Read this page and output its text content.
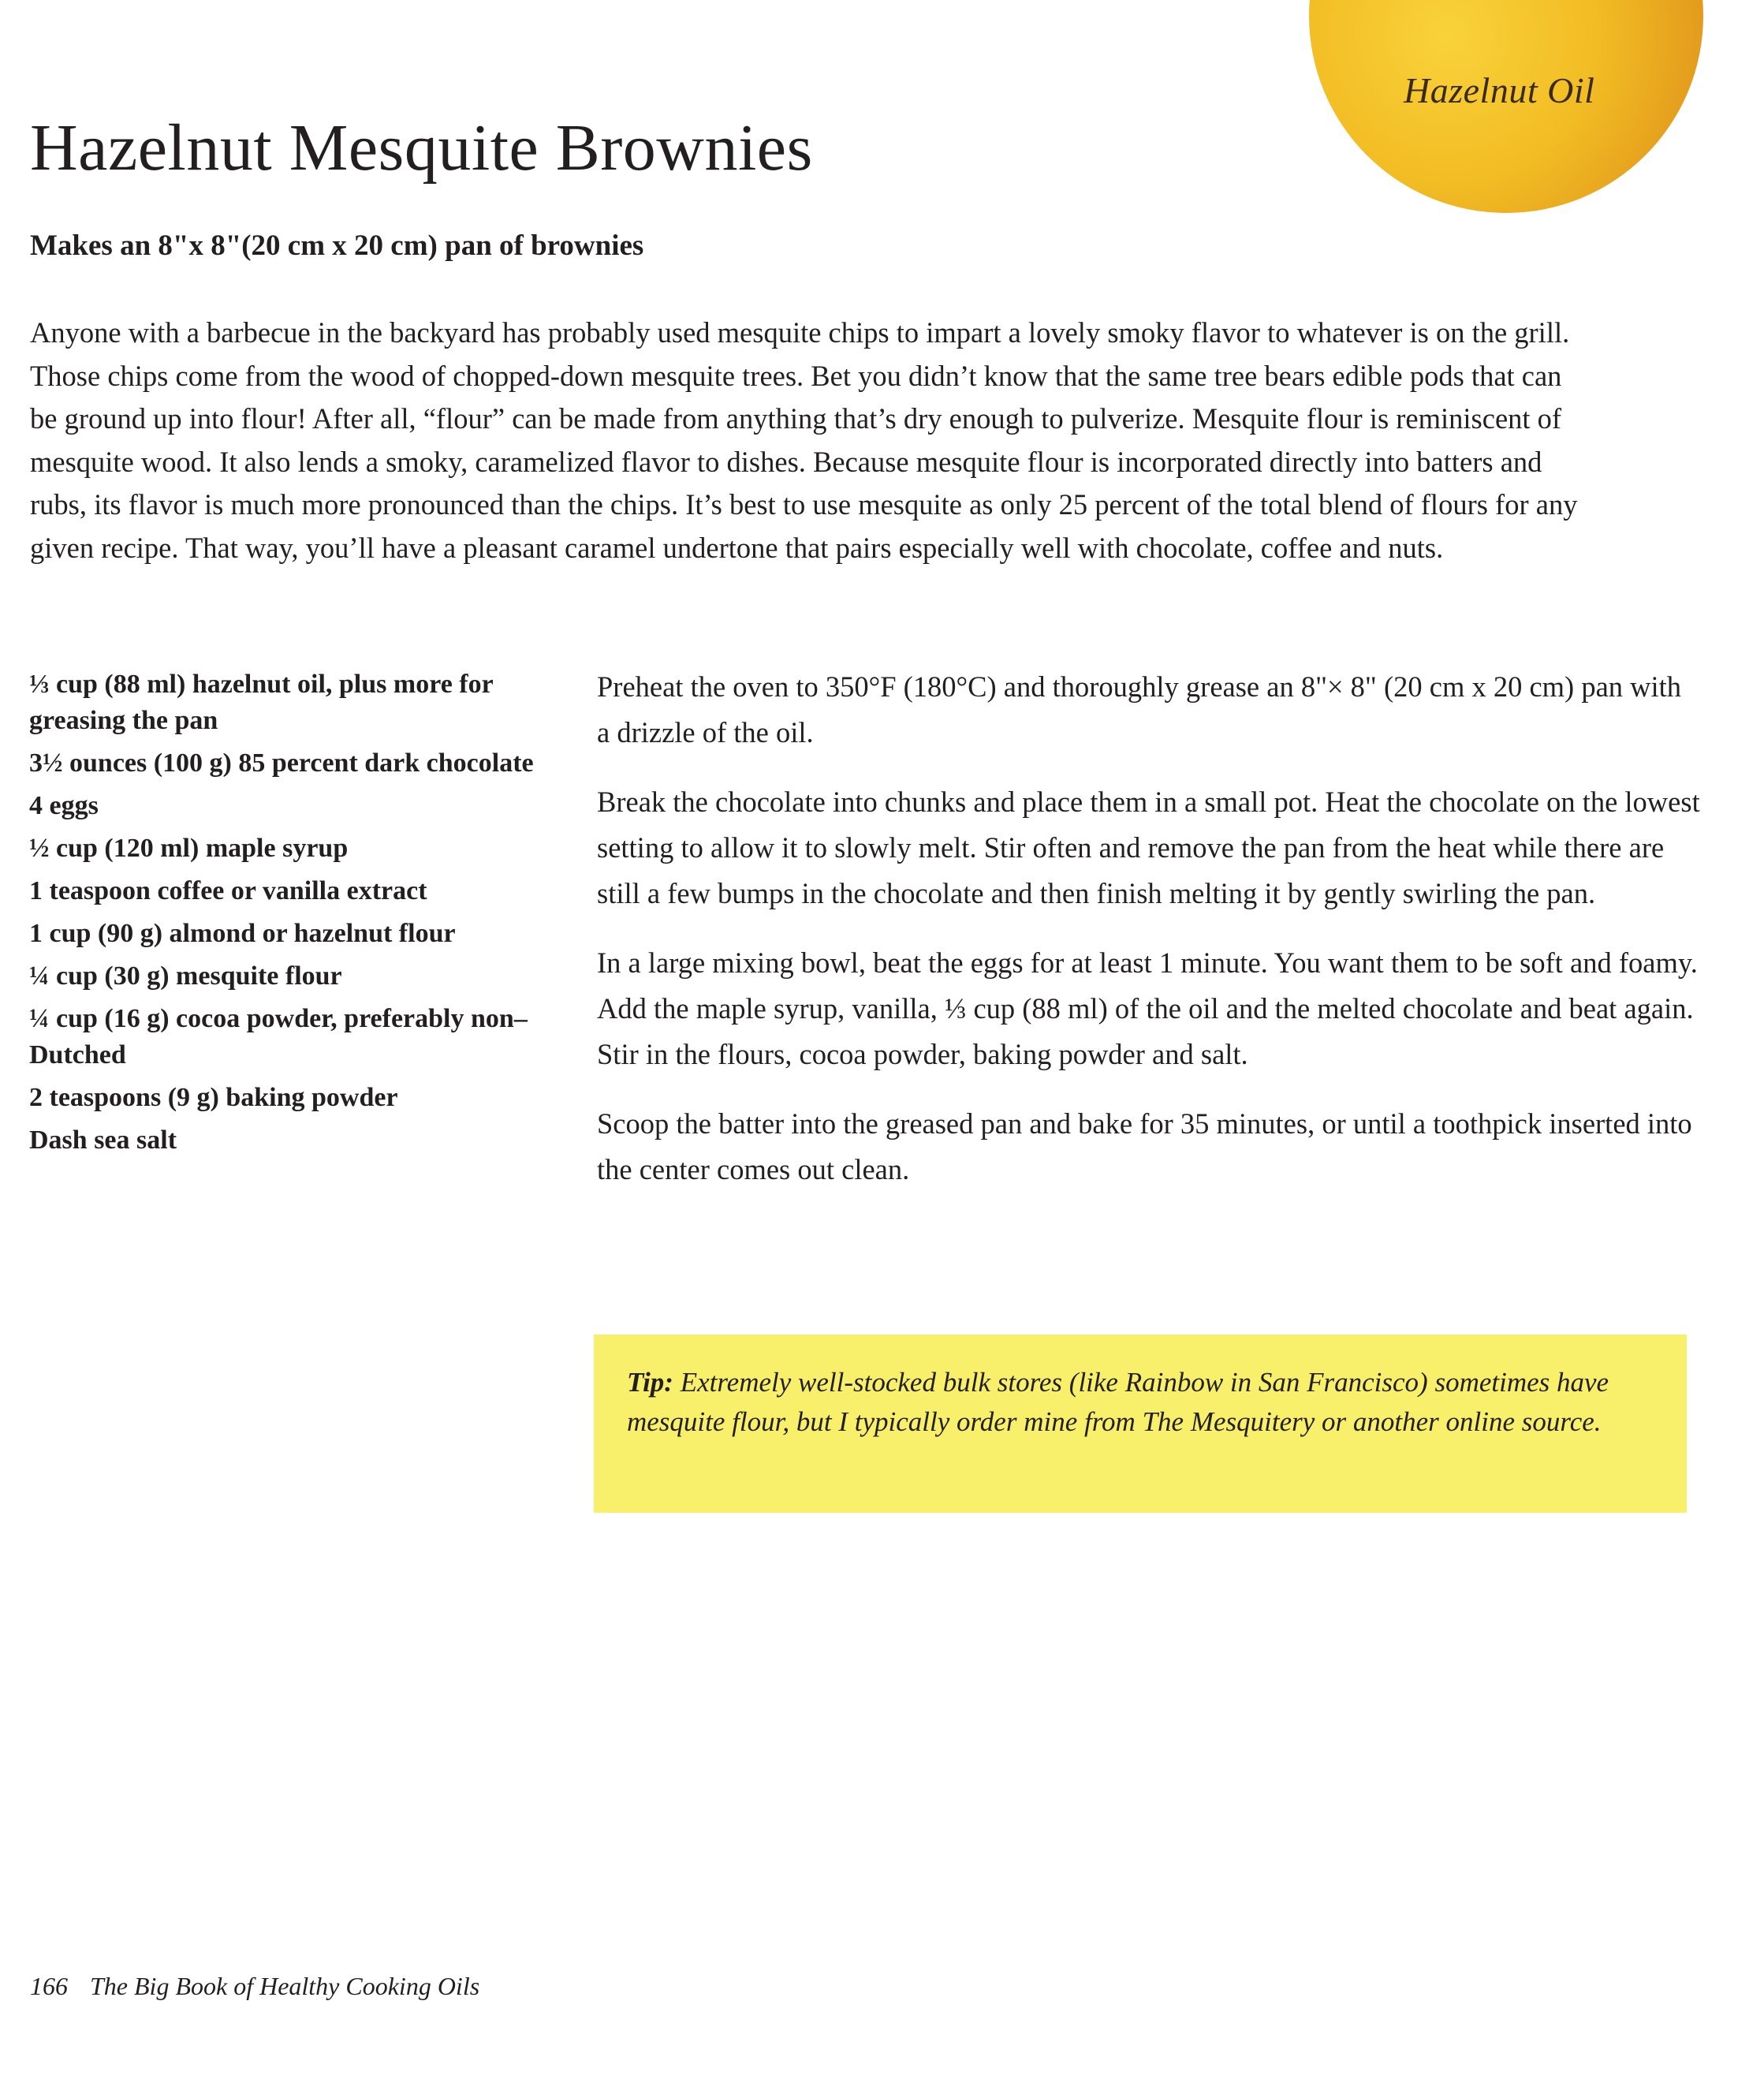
Hazelnut Oil
Hazelnut Mesquite Brownies
Makes an 8"x 8"(20 cm x 20 cm) pan of brownies

Anyone with a barbecue in the backyard has probably used mesquite chips to impart a lovely smoky flavor to whatever is on the grill. Those chips come from the wood of chopped-down mesquite trees. Bet you didn’t know that the same tree bears edible pods that can be ground up into flour! After all, “flour” can be made from anything that’s dry enough to pulverize. Mesquite flour is reminiscent of mesquite wood. It also lends a smoky, caramelized flavor to dishes. Because mesquite flour is incorporated directly into batters and rubs, its flavor is much more pronounced than the chips. It’s best to use mesquite as only 25 percent of the total blend of flours for any given recipe. That way, you’ll have a pleasant caramel undertone that pairs especially well with chocolate, coffee and nuts.

⅓ cup (88 ml) hazelnut oil, plus more for greasing the pan
3½ ounces (100 g) 85 percent dark chocolate
4 eggs
½ cup (120 ml) maple syrup
1 teaspoon coffee or vanilla extract
1 cup (90 g) almond or hazelnut flour
¼ cup (30 g) mesquite flour
¼ cup (16 g) cocoa powder, preferably non–Dutched
2 teaspoons (9 g) baking powder
Dash sea salt

Preheat the oven to 350°F (180°C) and thoroughly grease an 8"× 8" (20 cm x 20 cm) pan with a drizzle of the oil.

Break the chocolate into chunks and place them in a small pot. Heat the chocolate on the lowest setting to allow it to slowly melt. Stir often and remove the pan from the heat while there are still a few bumps in the chocolate and then finish melting it by gently swirling the pan.

In a large mixing bowl, beat the eggs for at least 1 minute. You want them to be soft and foamy. Add the maple syrup, vanilla, ⅓ cup (88 ml) of the oil and the melted chocolate and beat again. Stir in the flours, cocoa powder, baking powder and salt.

Scoop the batter into the greased pan and bake for 35 minutes, or until a toothpick inserted into the center comes out clean.

Tip: Extremely well-stocked bulk stores (like Rainbow in San Francisco) sometimes have mesquite flour, but I typically order mine from The Mesquitery or another online source.

166 The Big Book of Healthy Cooking Oils
